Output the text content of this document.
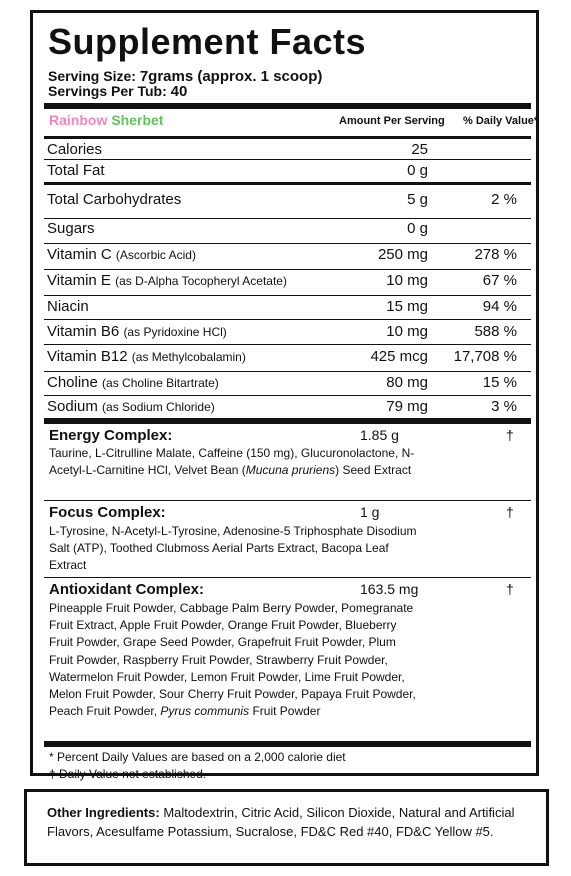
Supplement Facts
Serving Size: 7grams (approx. 1 scoop)
Servings Per Tub: 40
Rainbow Sherbet	Amount Per Serving % Daily Value*
Calories	25
Total Fat	0 g
Total Carbohydrates	5 g	2 %
Sugars	0 g
Vitamin C (Ascorbic Acid)	250 mg	278 %
Vitamin E (as D-Alpha Tocopheryl Acetate)	10 mg	67 %
Niacin	15 mg	94 %
Vitamin B6 (as Pyridoxine HCl)	10 mg	588 %
Vitamin B12 (as Methylcobalamin)	425 mcg 17,708 %
Choline (as Choline Bitartrate)	80 mg	15 %
Sodium (as Sodium Chloride)	79 mg	3 %
Energy Complex:	1.85 g	†
Taurine, L-Citrulline Malate, Caffeine (150 mg), Glucuronolactone, N-Acetyl-L-Carnitine HCl, Velvet Bean (Mucuna pruriens) Seed Extract
Focus Complex:	1 g	†
L-Tyrosine, N-Acetyl-L-Tyrosine, Adenosine-5 Triphosphate Disodium Salt (ATP), Toothed Clubmoss Aerial Parts Extract, Bacopa Leaf Extract
Antioxidant Complex:	163.5 mg	†
Pineapple Fruit Powder, Cabbage Palm Berry Powder, Pomegranate Fruit Extract, Apple Fruit Powder, Orange Fruit Powder, Blueberry Fruit Powder, Grape Seed Powder, Grapefruit Fruit Powder, Plum Fruit Powder, Raspberry Fruit Powder, Strawberry Fruit Powder, Watermelon Fruit Powder, Lemon Fruit Powder, Lime Fruit Powder, Melon Fruit Powder, Sour Cherry Fruit Powder, Papaya Fruit Powder, Peach Fruit Powder, Pyrus communis Fruit Powder
* Percent Daily Values are based on a 2,000 calorie diet
† Daily Value not established.
Other Ingredients: Maltodextrin, Citric Acid, Silicon Dioxide, Natural and Artificial Flavors, Acesulfame Potassium, Sucralose, FD&C Red #40, FD&C Yellow #5.
